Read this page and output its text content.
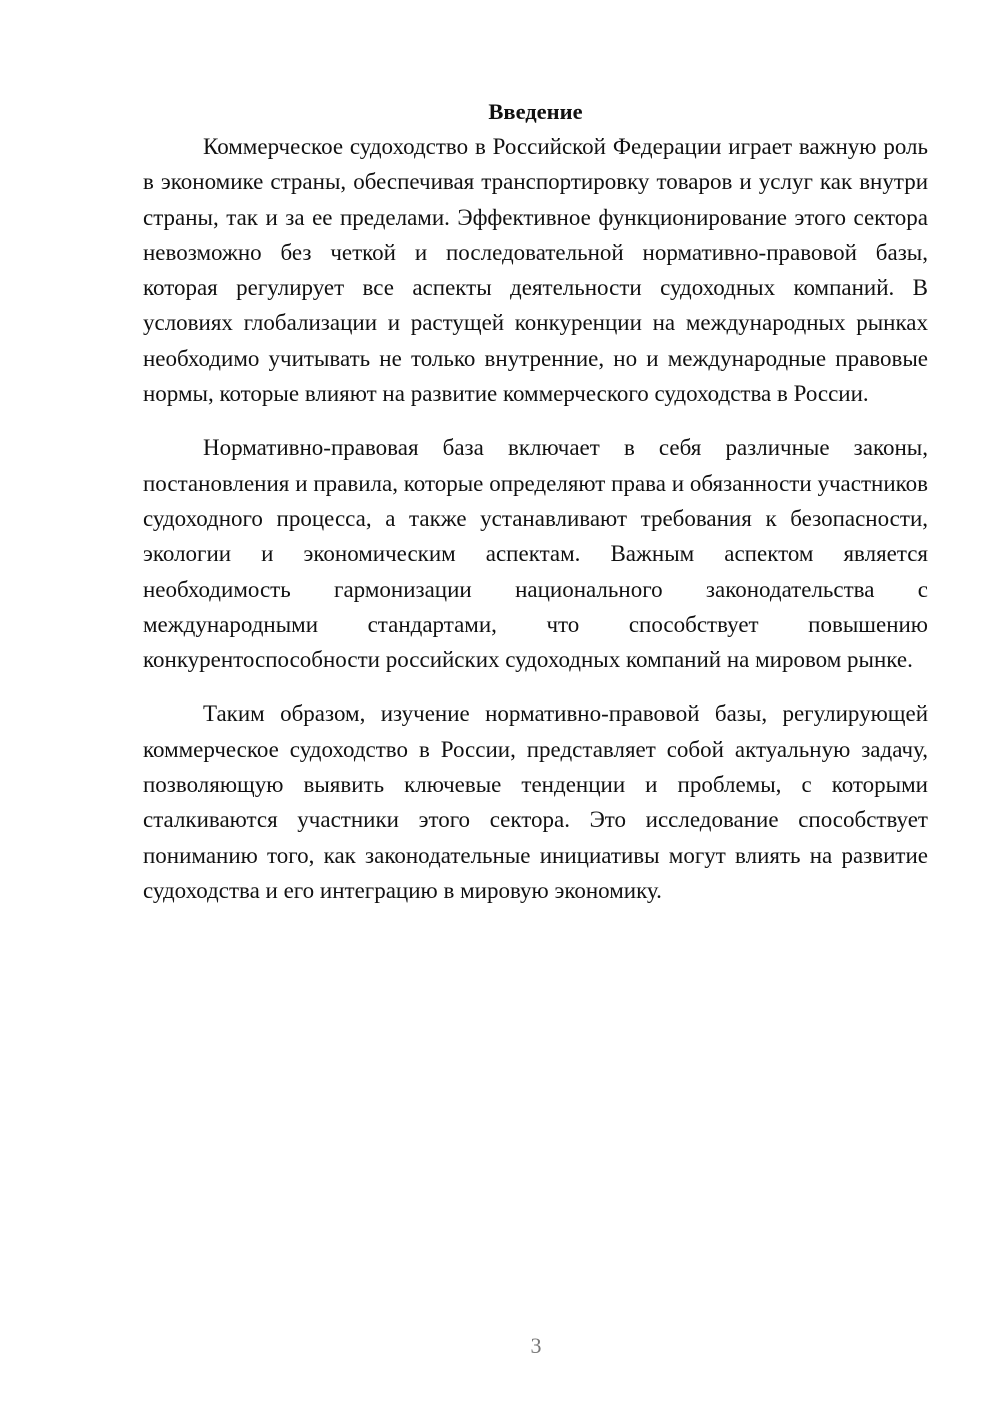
Введение

Коммерческое судоходство в Российской Федерации играет важную роль в экономике страны, обеспечивая транспортировку товаров и услуг как внутри страны, так и за ее пределами. Эффективное функционирование этого сектора невозможно без четкой и последовательной нормативно-правовой базы, которая регулирует все аспекты деятельности судоходных компаний. В условиях глобализации и растущей конкуренции на международных рынках необходимо учитывать не только внутренние, но и международные правовые нормы, которые влияют на развитие коммерческого судоходства в России.

Нормативно-правовая база включает в себя различные законы, постановления и правила, которые определяют права и обязанности участников судоходного процесса, а также устанавливают требования к безопасности, экологии и экономическим аспектам. Важным аспектом является необходимость гармонизации национального законодательства с международными стандартами, что способствует повышению конкурентоспособности российских судоходных компаний на мировом рынке.

Таким образом, изучение нормативно-правовой базы, регулирующей коммерческое судоходство в России, представляет собой актуальную задачу, позволяющую выявить ключевые тенденции и проблемы, с которыми сталкиваются участники этого сектора. Это исследование способствует пониманию того, как законодательные инициативы могут влиять на развитие судоходства и его интеграцию в мировую экономику.

3
